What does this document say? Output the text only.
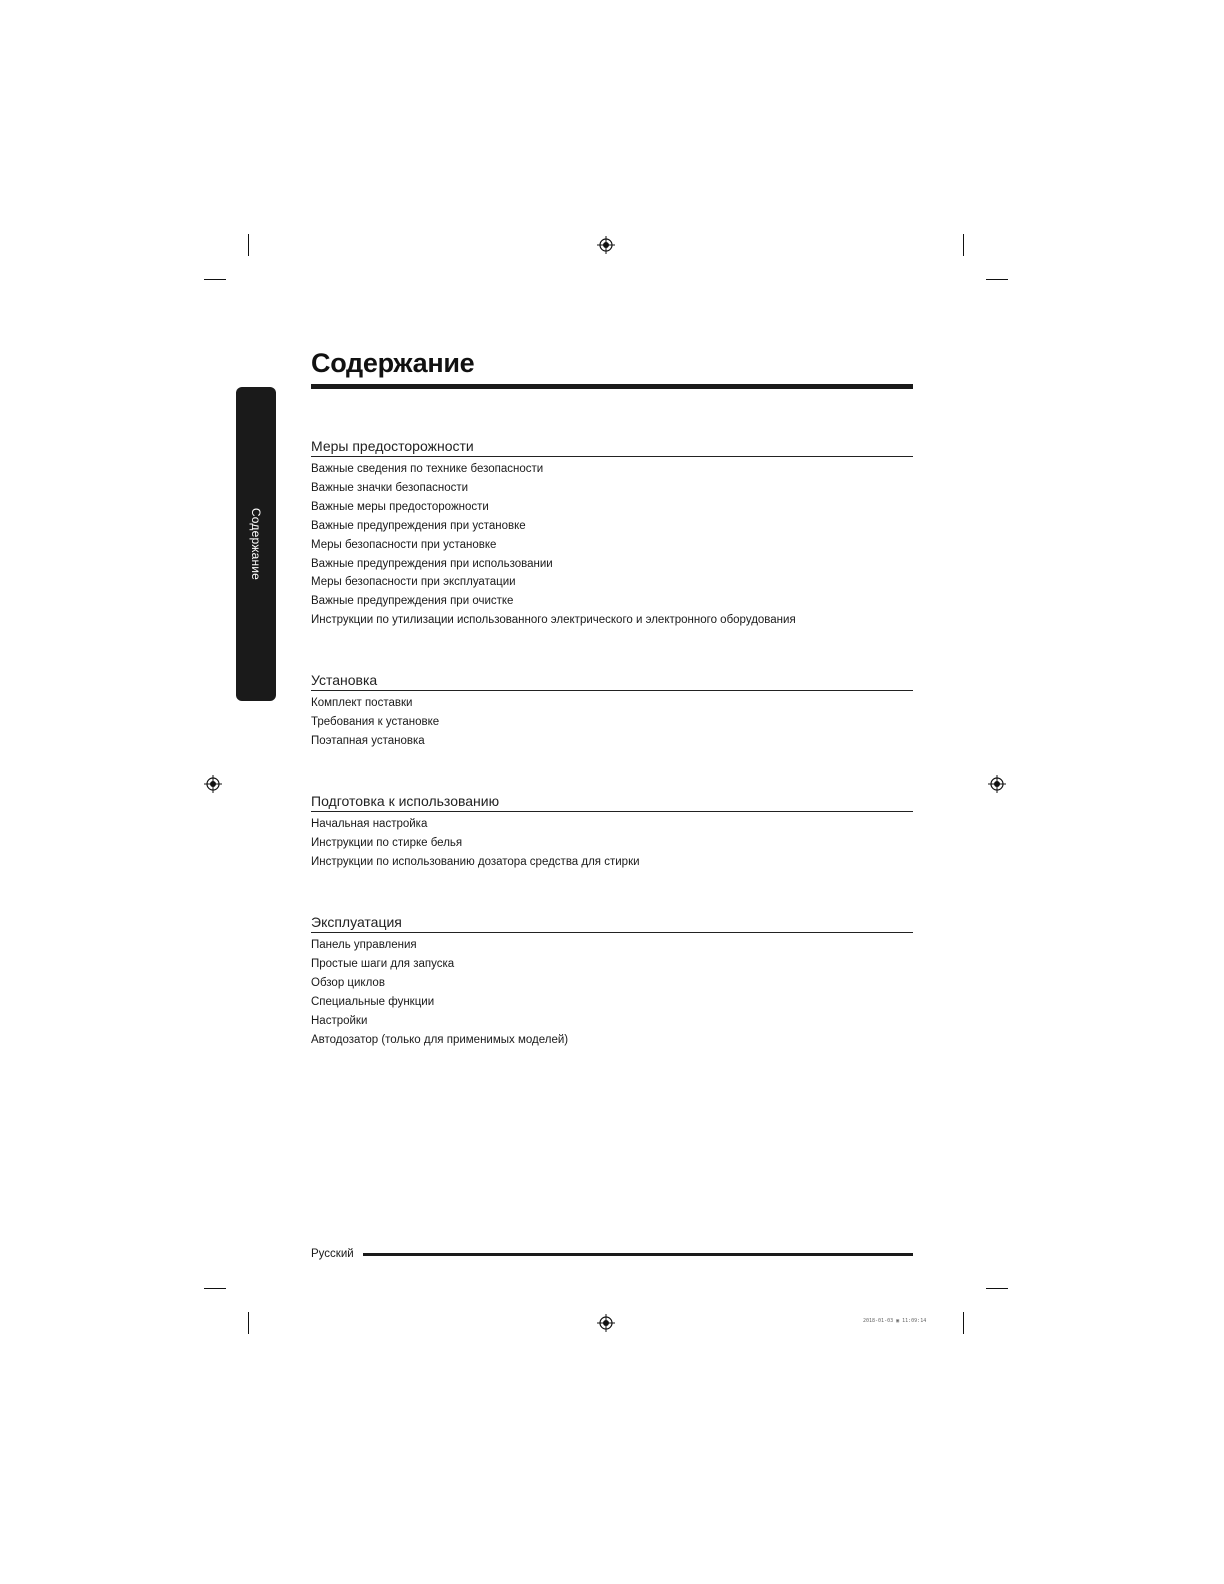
Содержание
Содержание
Меры предосторожности
Важные сведения по технике безопасности
Важные значки безопасности
Важные меры предосторожности
Важные предупреждения при установке
Меры безопасности при установке
Важные предупреждения при использовании
Меры безопасности при эксплуатации
Важные предупреждения при очистке
Инструкции по утилизации использованного электрического и электронного оборудования
Установка
Комплект поставки
Требования к установке
Поэтапная установка
Подготовка к использованию
Начальная настройка
Инструкции по стирке белья
Инструкции по использованию дозатора средства для стирки
Эксплуатация
Панель управления
Простые шаги для запуска
Обзор циклов
Специальные функции
Настройки
Автодозатор (только для применимых моделей)
Русский
2018-01-03 ▣ 11:09:14
